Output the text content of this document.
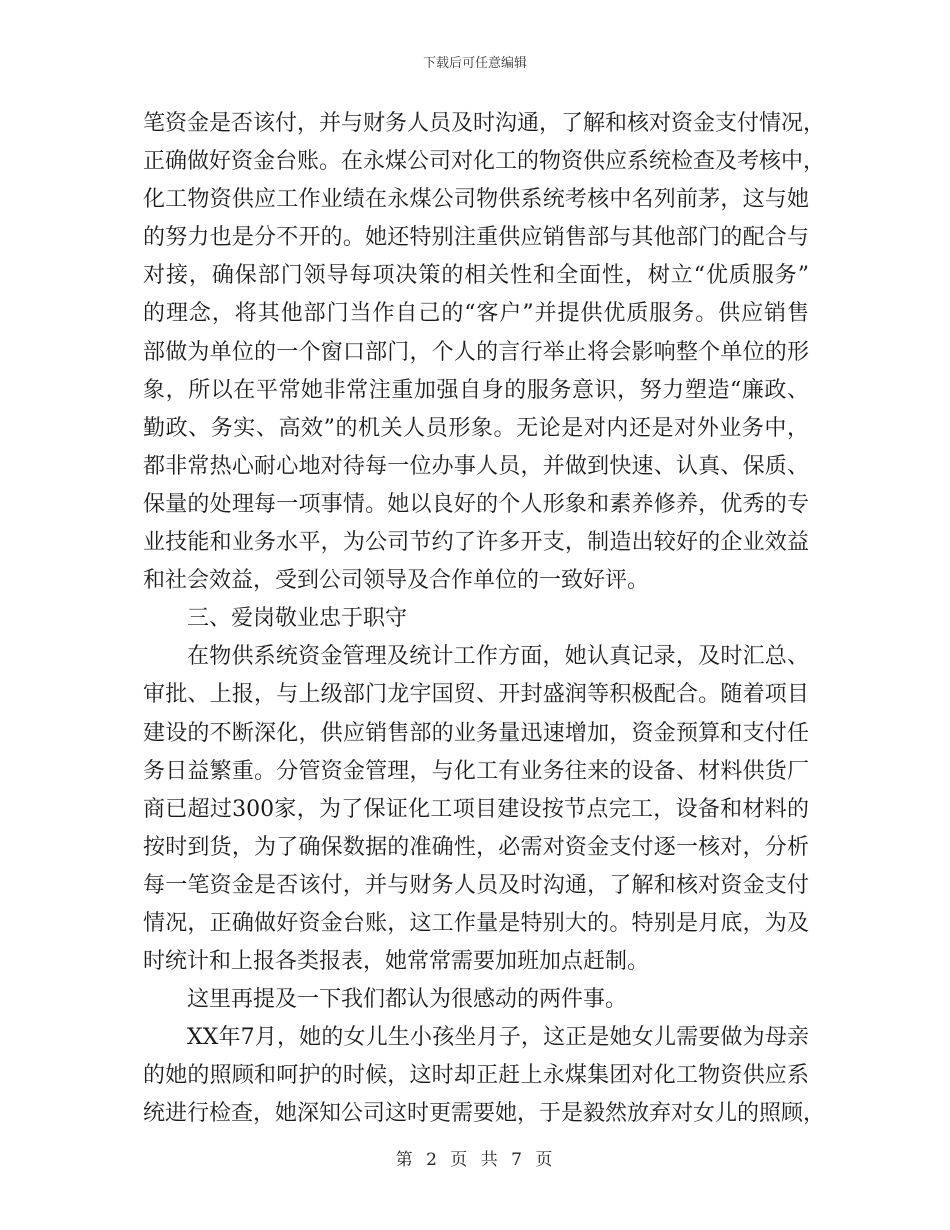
下载后可任意编辑
笔资金是否该付，并与财务人员及时沟通，了解和核对资金支付情况，
正确做好资金台账。在永煤公司对化工的物资供应系统检查及考核中，
化工物资供应工作业绩在永煤公司物供系统考核中名列前茅，这与她
的努力也是分不开的。她还特别注重供应销售部与其他部门的配合与
对接，确保部门领导每项决策的相关性和全面性，树立“优质服务”
的理念，将其他部门当作自己的“客户”并提供优质服务。供应销售
部做为单位的一个窗口部门，个人的言行举止将会影响整个单位的形
象，所以在平常她非常注重加强自身的服务意识，努力塑造“廉政、
勤政、务实、高效”的机关人员形象。无论是对内还是对外业务中，
都非常热心耐心地对待每一位办事人员，并做到快速、认真、保质、
保量的处理每一项事情。她以良好的个人形象和素养修养，优秀的专
业技能和业务水平，为公司节约了许多开支，制造出较好的企业效益
和社会效益，受到公司领导及合作单位的一致好评。
三、爱岗敬业忠于职守
在物供系统资金管理及统计工作方面，她认真记录，及时汇总、
审批、上报，与上级部门龙宇国贸、开封盛润等积极配合。随着项目
建设的不断深化，供应销售部的业务量迅速增加，资金预算和支付任
务日益繁重。分管资金管理，与化工有业务往来的设备、材料供货厂
商已超过300家，为了保证化工项目建设按节点完工，设备和材料的
按时到货，为了确保数据的准确性，必需对资金支付逐一核对，分析
每一笔资金是否该付，并与财务人员及时沟通，了解和核对资金支付
情况，正确做好资金台账，这工作量是特别大的。特别是月底，为及
时统计和上报各类报表，她常常需要加班加点赶制。
这里再提及一下我们都认为很感动的两件事。
XX年7月，她的女儿生小孩坐月子，这正是她女儿需要做为母亲
的她的照顾和呵护的时候，这时却正赶上永煤集团对化工物资供应系
统进行检查，她深知公司这时更需要她，于是毅然放弃对女儿的照顾，
第 2 页 共 7 页
